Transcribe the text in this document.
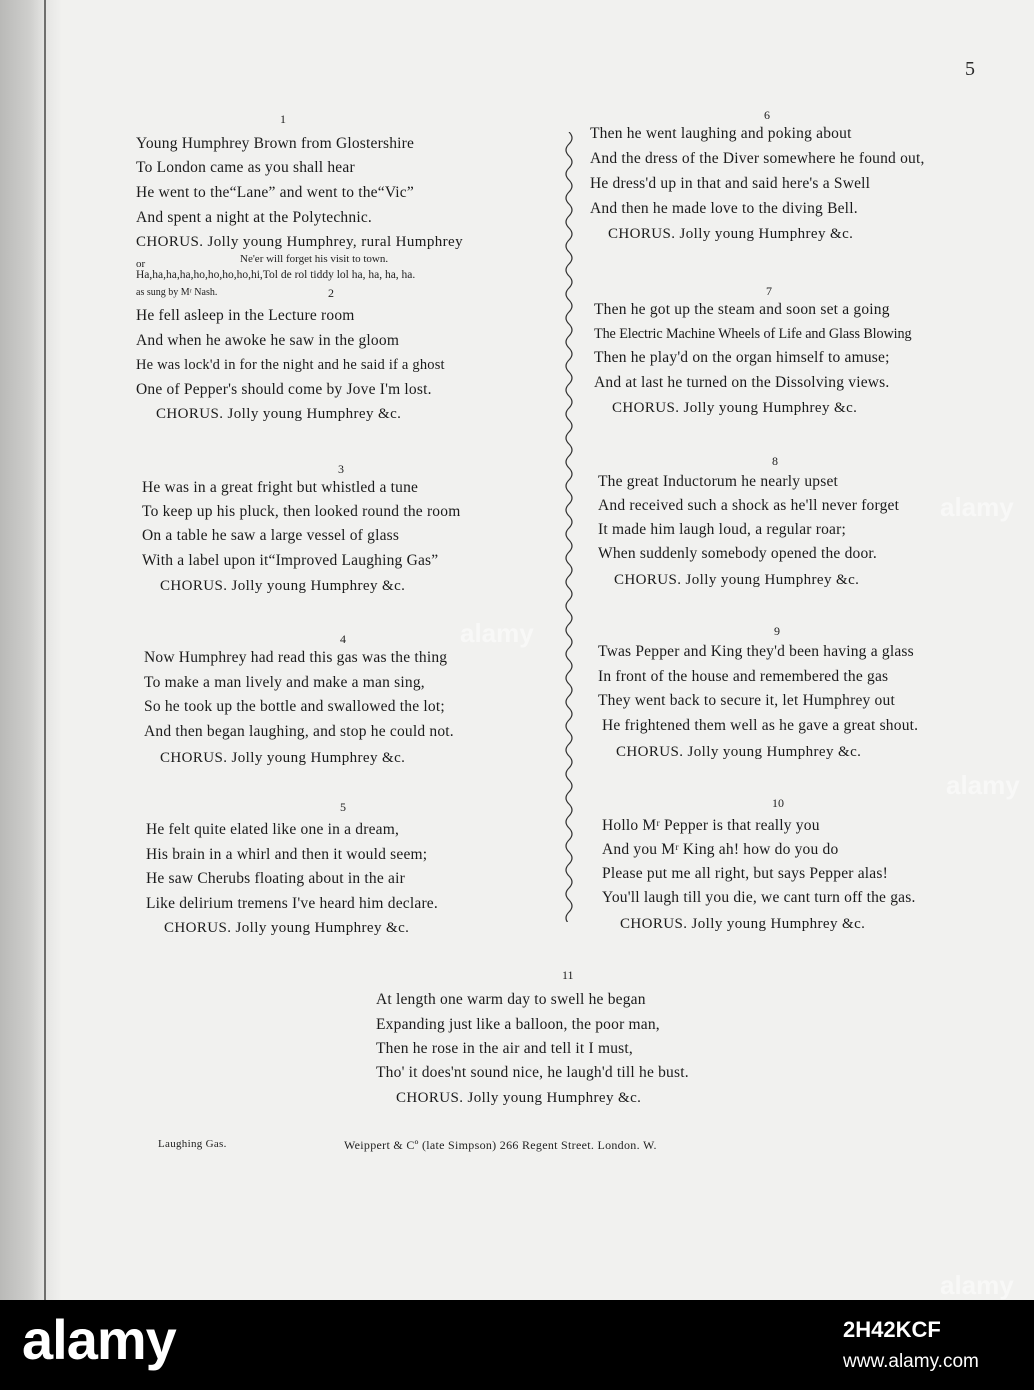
5
1
Young Humphrey Brown from Glostershire
To London came as you shall hear
He went to the“Lane” and went to the“Vic”
And spent a night at the Polytechnic.
CHORUS. Jolly young Humphrey, rural Humphrey
or	Ne'er will forget his visit to town.
Ha,ha,ha,ha,ho,ho,ho,ho,hi,Tol de rol tiddy lol ha, ha, ha, ha.
as sung by Mʳ Nash.	2
He fell asleep in the Lecture room
And when he awoke he saw in the gloom
He was lock'd in for the night and he said if a ghost
One of Pepper's should come by Jove I'm lost.
CHORUS. Jolly young Humphrey &c.
3
He was in a great fright but whistled a tune
To keep up his pluck, then looked round the room
On a table he saw a large vessel of glass
With a label upon it“Improved Laughing Gas”
CHORUS. Jolly young Humphrey &c.
4
Now Humphrey had read this gas was the thing
To make a man lively and make a man sing,
So he took up the bottle and swallowed the lot;
And then began laughing, and stop he could not.
CHORUS. Jolly young Humphrey &c.
5
He felt quite elated like one in a dream,
His brain in a whirl and then it would seem;
He saw Cherubs floating about in the air
Like delirium tremens I've heard him declare.
CHORUS. Jolly young Humphrey &c.
6
Then he went laughing and poking about
And the dress of the Diver somewhere he found out,
He dress'd up in that and said here's a Swell
And then he made love to the diving Bell.
CHORUS. Jolly young Humphrey &c.
7
Then he got up the steam and soon set a going
The Electric Machine Wheels of Life and Glass Blowing
Then he play'd on the organ himself to amuse;
And at last he turned on the Dissolving views.
CHORUS. Jolly young Humphrey &c.
8
The great Inductorum he nearly upset
And received such a shock as he'll never forget
It made him laugh loud, a regular roar;
When suddenly somebody opened the door.
CHORUS. Jolly young Humphrey &c.
9
Twas Pepper and King they'd been having a glass
In front of the house and remembered the gas
They went back to secure it, let Humphrey out
He frightened them well as he gave a great shout.
CHORUS. Jolly young Humphrey &c.
10
Hollo Mʳ Pepper is that really you
And you Mʳ King ah! how do you do
Please put me all right, but says Pepper alas!
You'll laugh till you die, we cant turn off the gas.
CHORUS. Jolly young Humphrey &c.
11
At length one warm day to swell he began
Expanding just like a balloon, the poor man,
Then he rose in the air and tell it I must,
Tho' it does'nt sound nice, he laugh'd till he bust.
CHORUS. Jolly young Humphrey &c.
Laughing Gas.	Weippert & Cº (late Simpson) 266 Regent Street. London. W.
alamy
alamy
alamy
alamy
alamy	2H42KCF
www.alamy.com
